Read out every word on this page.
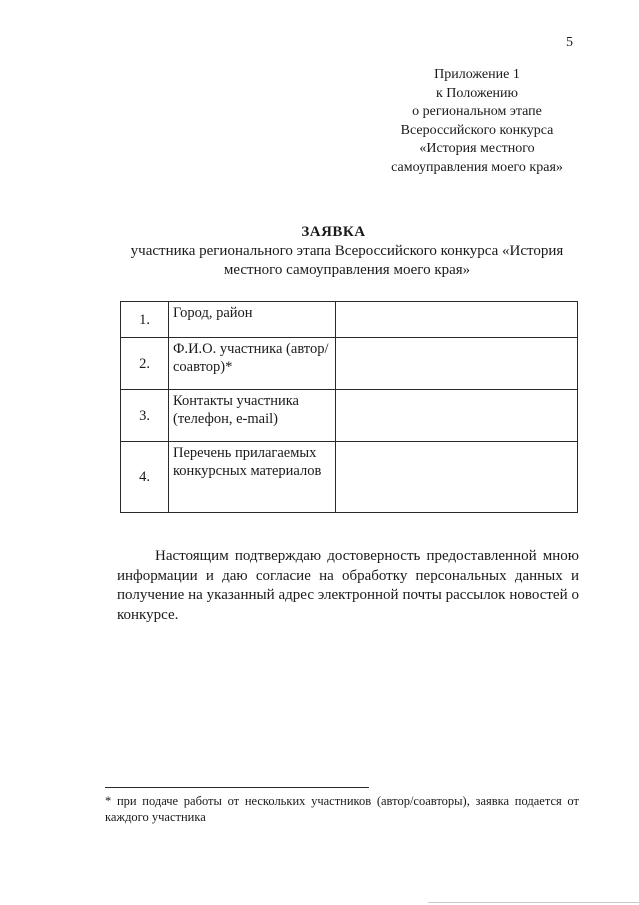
5
Приложение 1
к Положению
о региональном этапе
Всероссийского конкурса
«История местного
самоуправления моего края»
ЗАЯВКА
участника регионального этапа Всероссийского конкурса «История местного самоуправления моего края»
1.	Город, район	
2.	Ф.И.О. участника (автор/соавтор)*	
3.	Контакты участника (телефон, e-mail)	
4.	Перечень прилагаемых конкурсных материалов	

Настоящим подтверждаю достоверность предоставленной мною информации и даю согласие на обработку персональных данных и получение на указанный адрес электронной почты рассылок новостей о конкурсе.

* при подаче работы от нескольких участников (автор/соавторы), заявка подается от каждого участника
